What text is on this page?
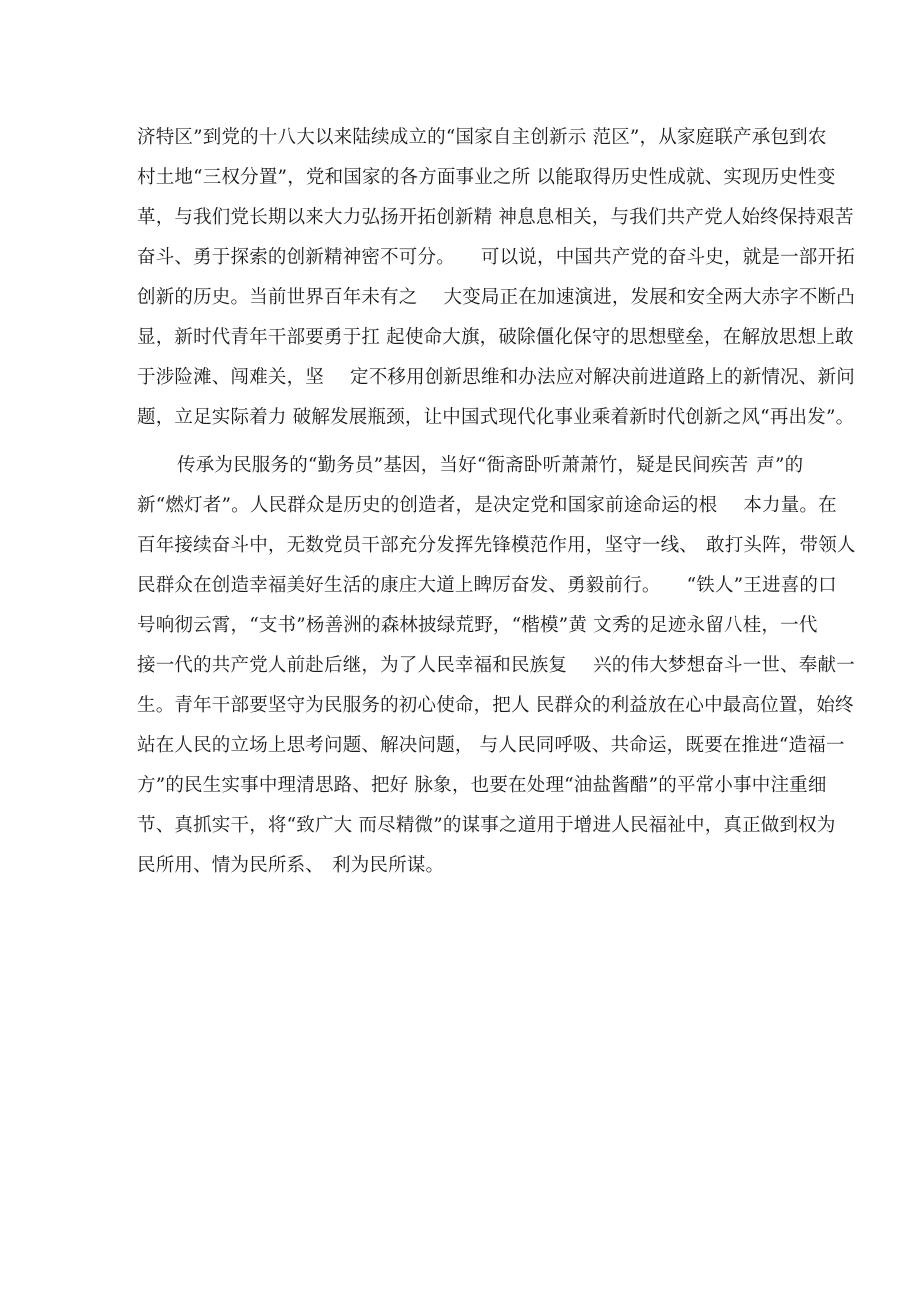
济特区”到党的十八大以来陆续成立的“国家自主创新示 范区”，从家庭联产承包到农
村土地“三权分置”，党和国家的各方面事业之所 以能取得历史性成就、实现历史性变
革，与我们党长期以来大力弘扬开拓创新精 神息息相关，与我们共产党人始终保持艰苦
奋斗、勇于探索的创新精神密不可分。 可以说，中国共产党的奋斗史，就是一部开拓
创新的历史。当前世界百年未有之 大变局正在加速演进，发展和安全两大赤字不断凸
显，新时代青年干部要勇于扛 起使命大旗，破除僵化保守的思想壁垒，在解放思想上敢
于涉险滩、闯难关，坚 定不移用创新思维和办法应对解决前进道路上的新情况、新问
题，立足实际着力 破解发展瓶颈，让中国式现代化事业乘着新时代创新之风“再出发”。

传承为民服务的“勤务员”基因，当好“衙斋卧听萧萧竹，疑是民间疾苦 声”的
新“燃灯者”。人民群众是历史的创造者，是决定党和国家前途命运的根 本力量。在
百年接续奋斗中，无数党员干部充分发挥先锋模范作用，坚守一线、 敢打头阵，带领人
民群众在创造幸福美好生活的康庄大道上睥厉奋发、勇毅前行。 “铁人”王进喜的口
号响彻云霄，“支书”杨善洲的森林披绿荒野，“楷模”黄 文秀的足迹永留八桂，一代
接一代的共产党人前赴后继，为了人民幸福和民族复 兴的伟大梦想奋斗一世、奉献一
生。青年干部要坚守为民服务的初心使命，把人 民群众的利益放在心中最高位置，始终
站在人民的立场上思考问题、解决问题， 与人民同呼吸、共命运，既要在推进“造福一
方”的民生实事中理清思路、把好 脉象，也要在处理“油盐酱醋”的平常小事中注重细
节、真抓实干，将“致广大 而尽精微”的谋事之道用于增进人民福祉中，真正做到权为
民所用、情为民所系、 利为民所谋。
